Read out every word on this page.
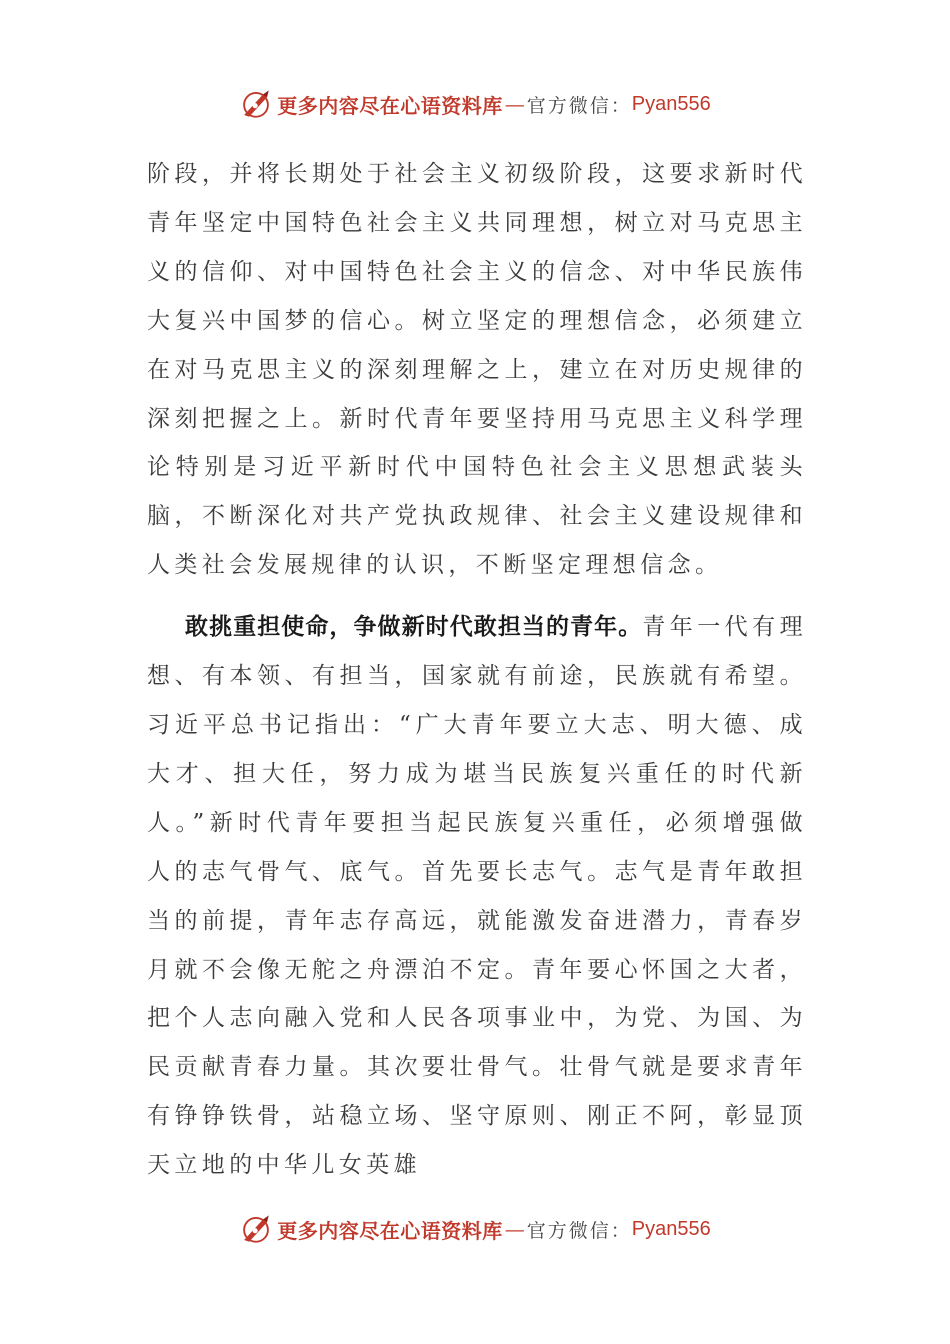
更多内容尽在心语资料库 — 官方微信： Pyan556

阶段，并将长期处于社会主义初级阶段，这要求新时代青年坚定中国特色社会主义共同理想，树立对马克思主义的信仰、对中国特色社会主义的信念、对中华民族伟大复兴中国梦的信心。树立坚定的理想信念，必须建立在对马克思主义的深刻理解之上，建立在对历史规律的深刻把握之上。新时代青年要坚持用马克思主义科学理论特别是习近平新时代中国特色社会主义思想武装头脑，不断深化对共产党执政规律、社会主义建设规律和人类社会发展规律的认识，不断坚定理想信念。

敢挑重担使命，争做新时代敢担当的青年。青年一代有理想、有本领、有担当，国家就有前途，民族就有希望。习近平总书记指出：“广大青年要立大志、明大德、成大才、担大任，努力成为堪当民族复兴重任的时代新人。”新时代青年要担当起民族复兴重任，必须增强做人的志气骨气、底气。首先要长志气。志气是青年敢担当的前提，青年志存高远，就能激发奋进潜力，青春岁月就不会像无舵之舟漂泊不定。青年要心怀国之大者，把个人志向融入党和人民各项事业中，为党、为国、为民贡献青春力量。其次要壮骨气。壮骨气就是要求青年有铮铮铁骨，站稳立场、坚守原则、刚正不阿，彰显顶天立地的中华儿女英雄

更多内容尽在心语资料库 — 官方微信： Pyan556
